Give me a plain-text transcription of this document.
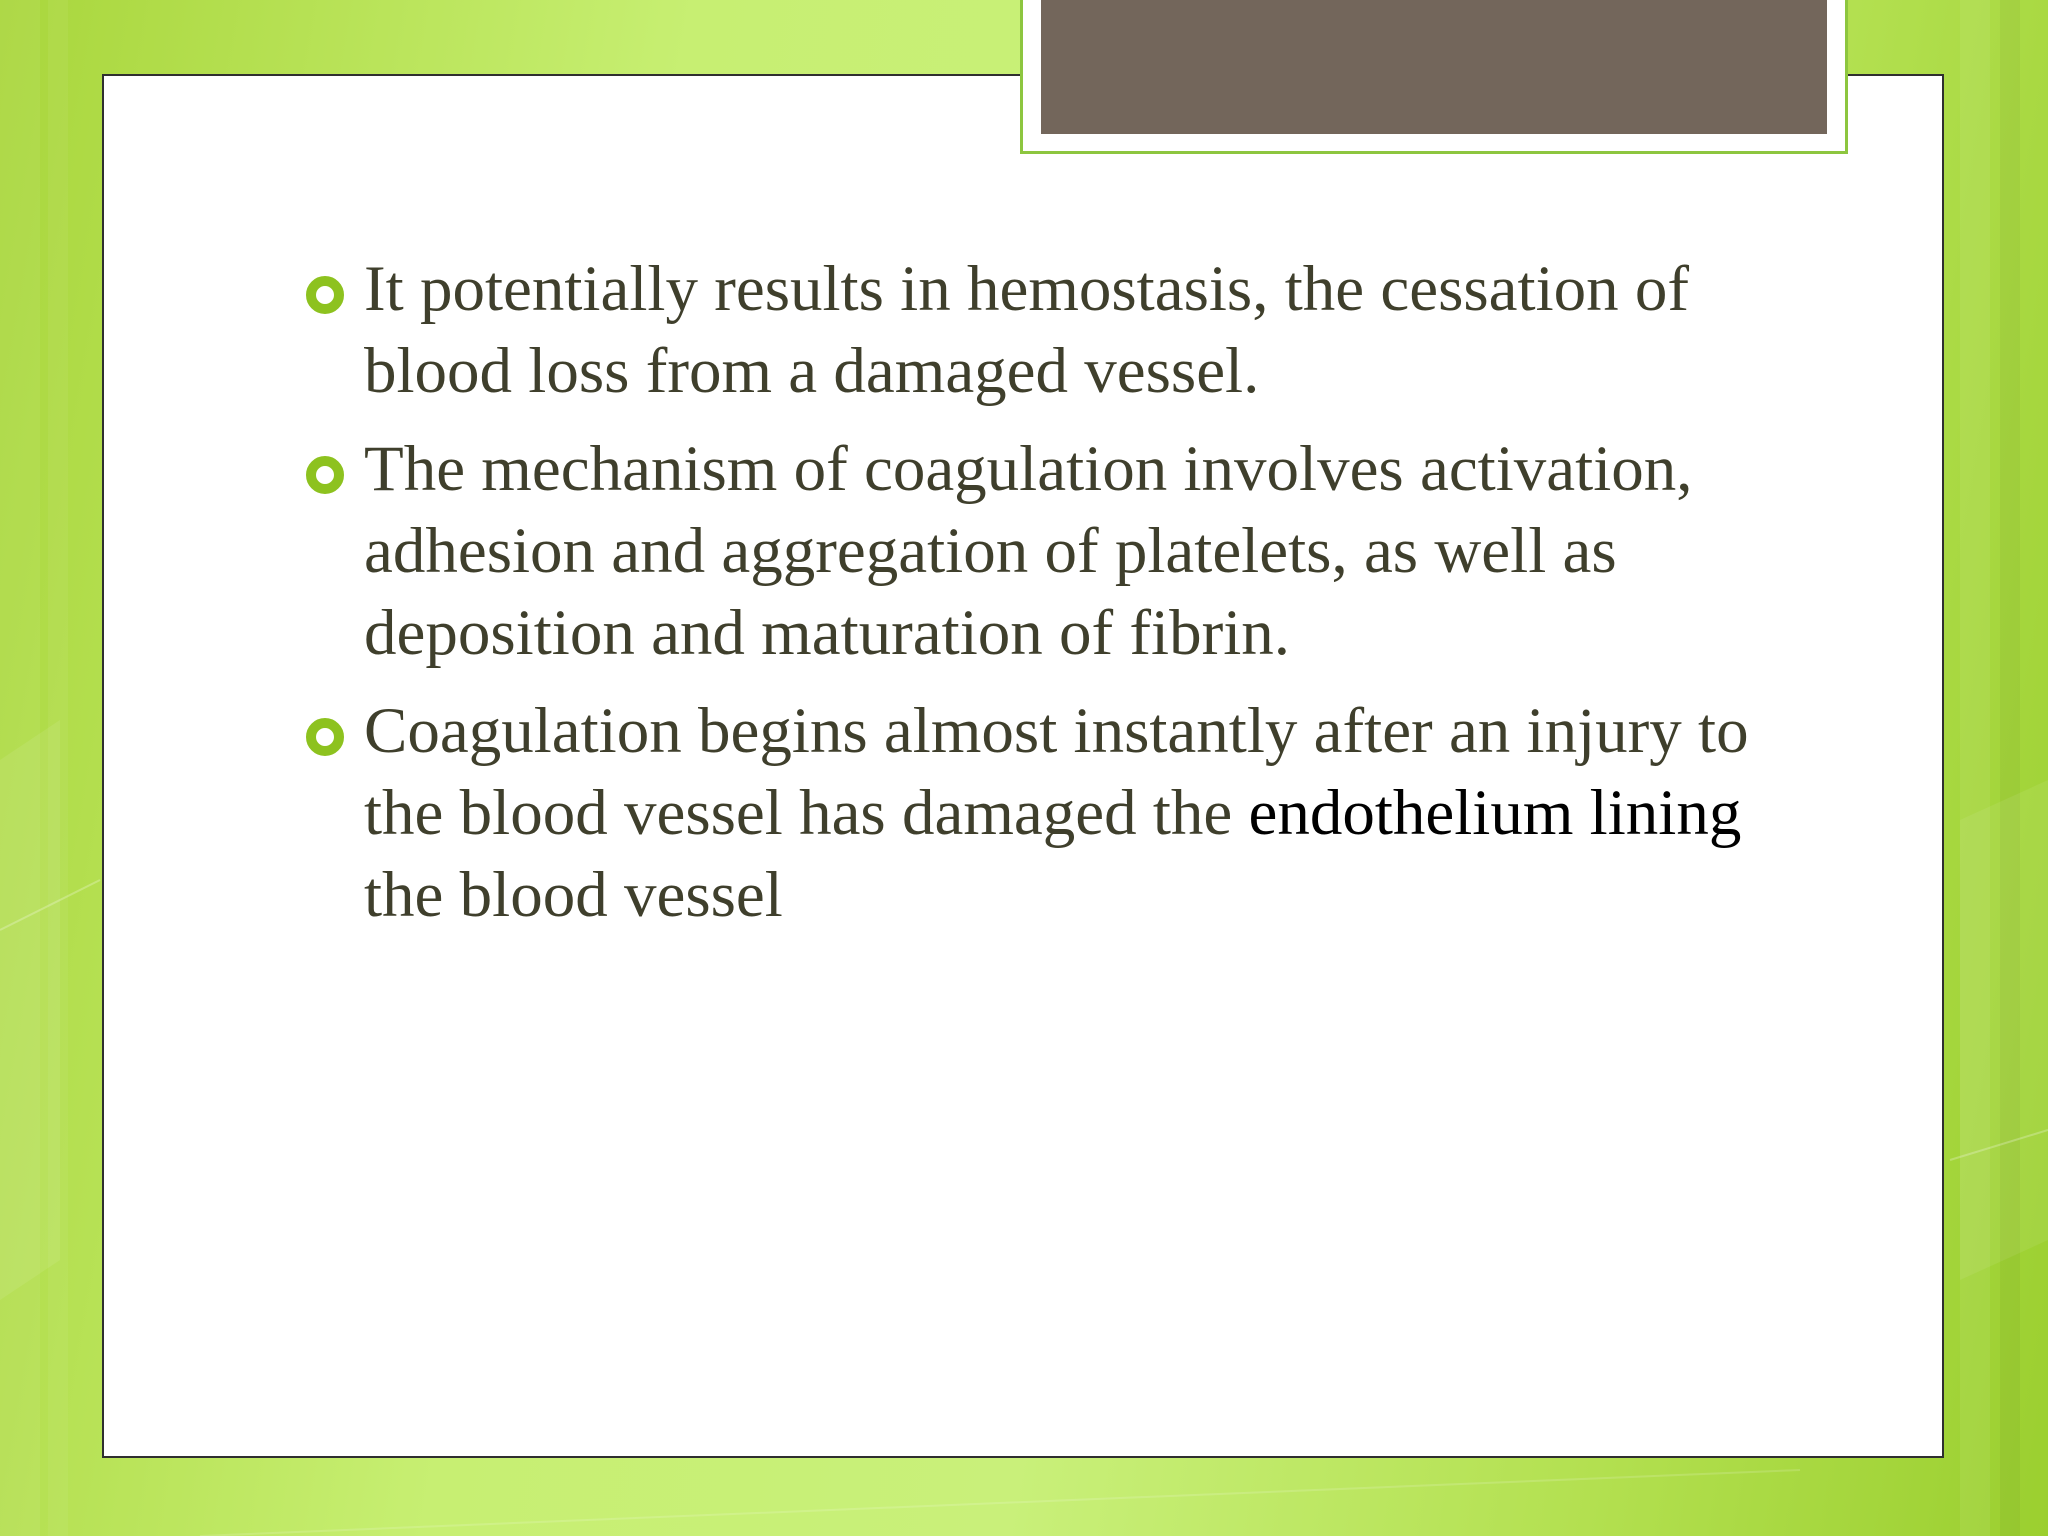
It potentially results in hemostasis, the cessation of blood loss from a damaged vessel.
The mechanism of coagulation involves activation, adhesion and aggregation of platelets, as well as deposition and maturation of fibrin.
Coagulation begins almost instantly after an injury to the blood vessel has damaged the endothelium lining the blood vessel
